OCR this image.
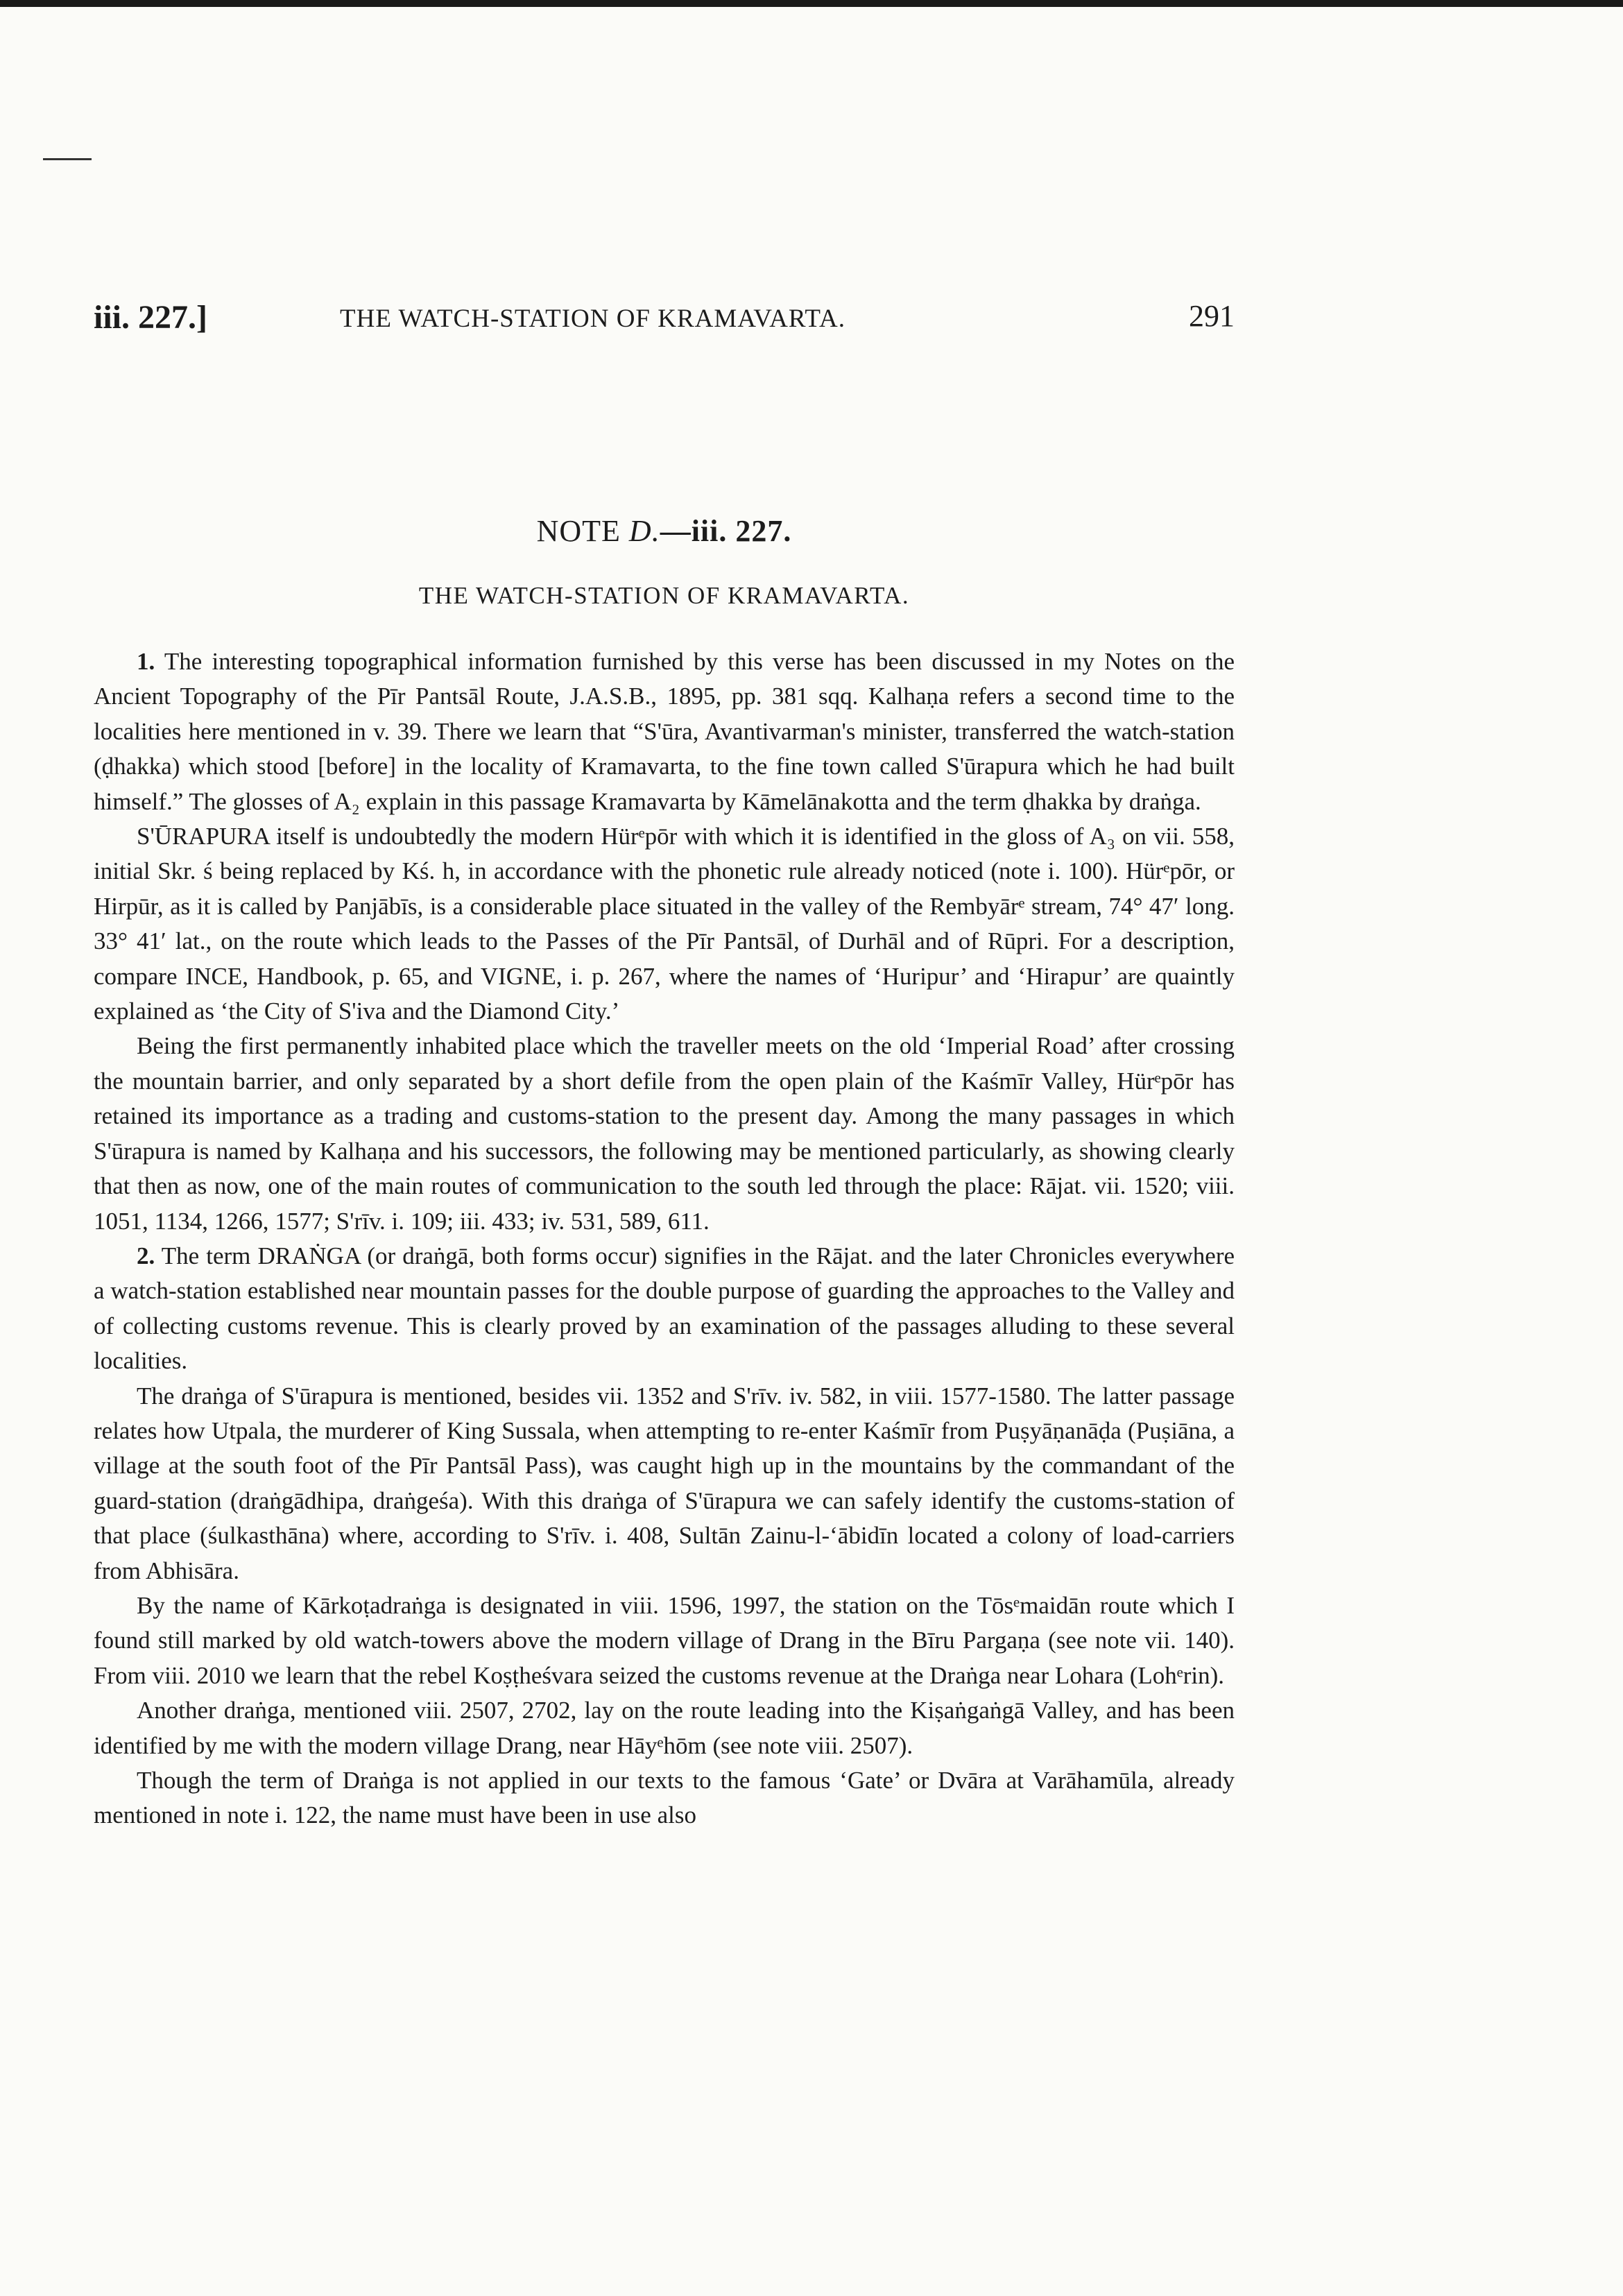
iii. 227.]	THE WATCH-STATION OF KRAMAVARTA.	291
NOTE D.—iii. 227.
THE WATCH-STATION OF KRAMAVARTA.

1. The interesting topographical information furnished by this verse has been discussed in my Notes on the Ancient Topography of the Pīr Pantsāl Route, J.A.S.B., 1895, pp. 381 sqq. Kalhaṇa refers a second time to the localities here mentioned in v. 39. There we learn that “S'ūra, Avantivarman's minister, transferred the watch-station (ḍhakka) which stood [before] in the locality of Kramavarta, to the fine town called S'ūrapura which he had built himself.” The glosses of A₂ explain in this passage Kramavarta by Kāmelānakotta and the term ḍhakka by draṅga.

S'ŪRAPURA itself is undoubtedly the modern Hürᵉpōr with which it is identified in the gloss of A₃ on vii. 558, initial Skr. ś being replaced by Kś. h, in accordance with the phonetic rule already noticed (note i. 100). Hürᵉpōr, or Hirpūr, as it is called by Panjābīs, is a considerable place situated in the valley of the Rembyārᵉ stream, 74° 47′ long. 33° 41′ lat., on the route which leads to the Passes of the Pīr Pantsāl, of Durhāl and of Rūpri. For a description, compare INCE, Handbook, p. 65, and VIGNE, i. p. 267, where the names of ‘Huripur’ and ‘Hirapur’ are quaintly explained as ‘the City of S'iva and the Diamond City.’

Being the first permanently inhabited place which the traveller meets on the old ‘Imperial Road’ after crossing the mountain barrier, and only separated by a short defile from the open plain of the Kaśmīr Valley, Hürᵉpōr has retained its importance as a trading and customs-station to the present day. Among the many passages in which S'ūrapura is named by Kalhaṇa and his successors, the following may be mentioned particularly, as showing clearly that then as now, one of the main routes of communication to the south led through the place: Rājat. vii. 1520; viii. 1051, 1134, 1266, 1577; S'rīv. i. 109; iii. 433; iv. 531, 589, 611.

2. The term DRAṄGA (or draṅgā, both forms occur) signifies in the Rājat. and the later Chronicles everywhere a watch-station established near mountain passes for the double purpose of guarding the approaches to the Valley and of collecting customs revenue. This is clearly proved by an examination of the passages alluding to these several localities.

The draṅga of S'ūrapura is mentioned, besides vii. 1352 and S'rīv. iv. 582, in viii. 1577-1580. The latter passage relates how Utpala, the murderer of King Sussala, when attempting to re-enter Kaśmīr from Puṣyāṇanāḍa (Puṣiāna, a village at the south foot of the Pīr Pantsāl Pass), was caught high up in the mountains by the commandant of the guard-station (draṅgādhipa, draṅgeśa). With this draṅga of S'ūrapura we can safely identify the customs-station of that place (śulkasthāna) where, according to S'rīv. i. 408, Sultān Zainu-l-‘ābidīn located a colony of load-carriers from Abhisāra.

By the name of Kārkoṭadraṅga is designated in viii. 1596, 1997, the station on the Tōsᵉmaidān route which I found still marked by old watch-towers above the modern village of Drang in the Bīru Pargaṇa (see note vii. 140). From viii. 2010 we learn that the rebel Koṣṭheśvara seized the customs revenue at the Draṅga near Lohara (Lohᵉrin).

Another draṅga, mentioned viii. 2507, 2702, lay on the route leading into the Kiṣaṅgaṅgā Valley, and has been identified by me with the modern village Drang, near Hāyᵉhōm (see note viii. 2507).

Though the term of Draṅga is not applied in our texts to the famous ‘Gate’ or Dvāra at Varāhamūla, already mentioned in note i. 122, the name must have been in use also
